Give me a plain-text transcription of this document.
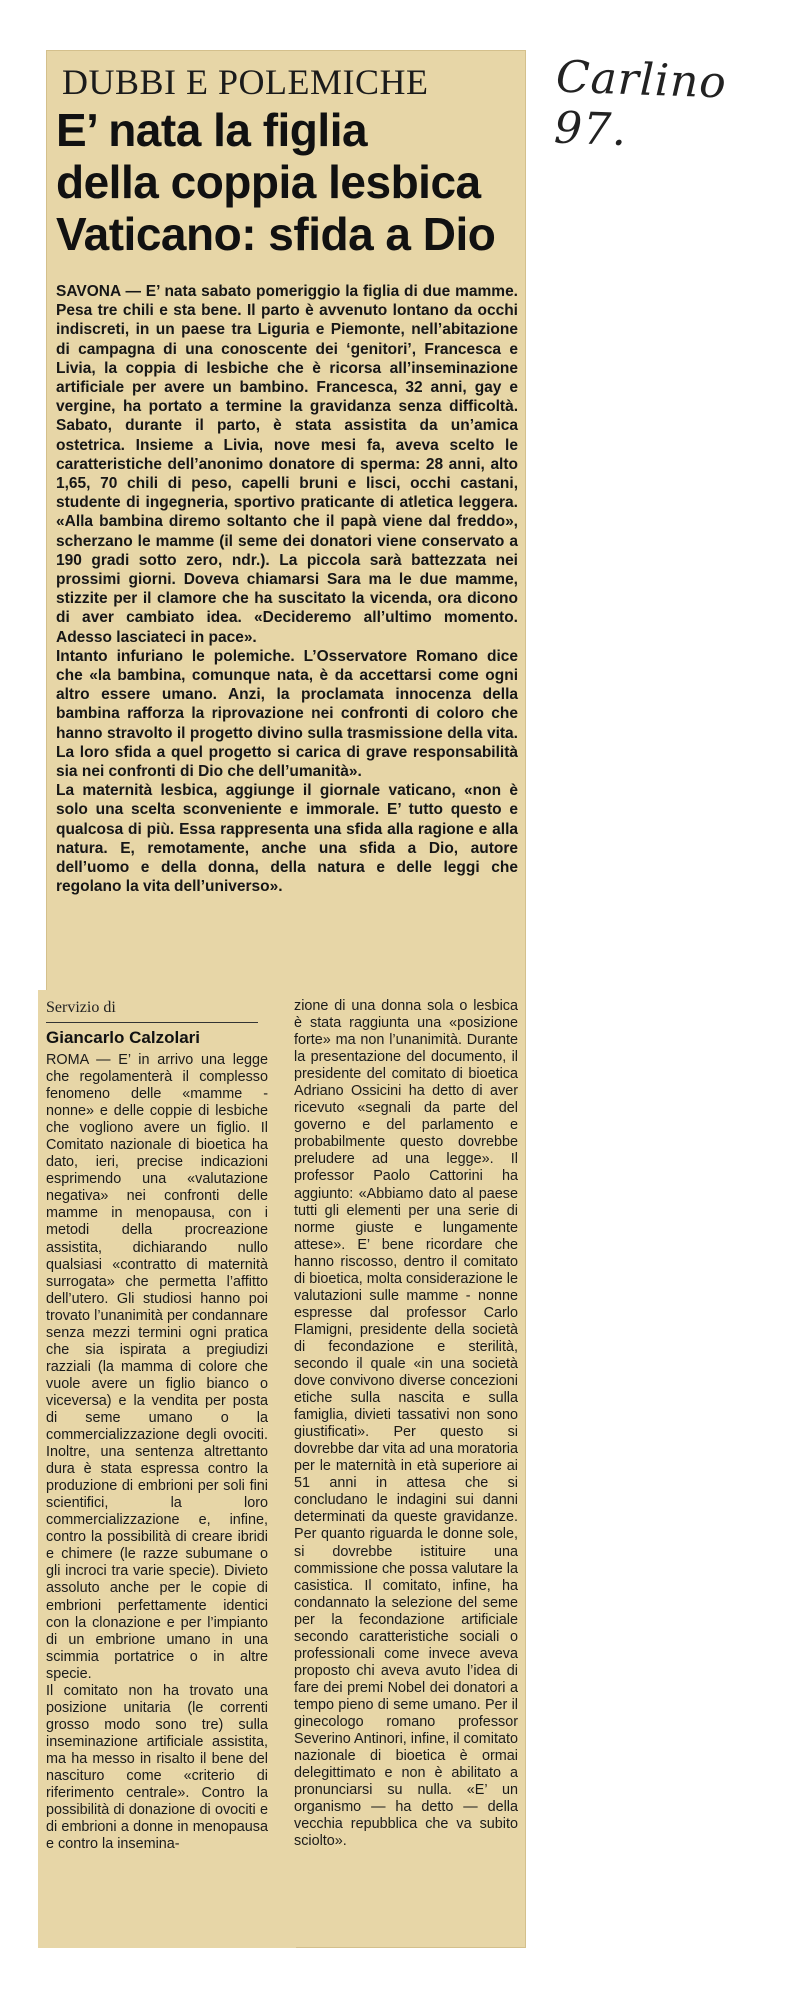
Carlino 97.
DUBBI E POLEMICHE
E’ nata la figlia
della coppia lesbica
Vaticano: sfida a Dio

SAVONA — E’ nata sabato pomeriggio la figlia di due mamme. Pesa tre chili e sta bene. Il parto è avvenuto lontano da occhi indiscreti, in un paese tra Liguria e Piemonte, nell’abitazione di campagna di una conoscente dei ‘genitori’, Francesca e Livia, la coppia di lesbiche che è ricorsa all’inseminazione artificiale per avere un bambino. Francesca, 32 anni, gay e vergine, ha portato a termine la gravidanza senza difficoltà. Sabato, durante il parto, è stata assistita da un’amica ostetrica. Insieme a Livia, nove mesi fa, aveva scelto le caratteristiche dell’anonimo donatore di sperma: 28 anni, alto 1,65, 70 chili di peso, capelli bruni e lisci, occhi castani, studente di ingegneria, sportivo praticante di atletica leggera. «Alla bambina diremo soltanto che il papà viene dal freddo», scherzano le mamme (il seme dei donatori viene conservato a 190 gradi sotto zero, ndr.). La piccola sarà battezzata nei prossimi giorni. Doveva chiamarsi Sara ma le due mamme, stizzite per il clamore che ha suscitato la vicenda, ora dicono di aver cambiato idea. «Decideremo all’ultimo momento. Adesso lasciateci in pace».

Intanto infuriano le polemiche. L’Osservatore Romano dice che «la bambina, comunque nata, è da accettarsi come ogni altro essere umano. Anzi, la proclamata innocenza della bambina rafforza la riprovazione nei confronti di coloro che hanno stravolto il progetto divino sulla trasmissione della vita. La loro sfida a quel progetto si carica di grave responsabilità sia nei confronti di Dio che dell’umanità».

La maternità lesbica, aggiunge il giornale vaticano, «non è solo una scelta sconveniente e immorale. E’ tutto questo e qualcosa di più. Essa rappresenta una sfida alla ragione e alla natura. E, remotamente, anche una sfida a Dio, autore dell’uomo e della donna, della natura e delle leggi che regolano la vita dell’universo».

Servizio di
Giancarlo Calzolari

ROMA — E’ in arrivo una legge che regolamenterà il complesso fenomeno delle «mamme - nonne» e delle coppie di lesbiche che vogliono avere un figlio. Il Comitato nazionale di bioetica ha dato, ieri, precise indicazioni esprimendo una «valutazione negativa» nei confronti delle mamme in menopausa, con i metodi della procreazione assistita, dichiarando nullo qualsiasi «contratto di maternità surrogata» che permetta l’affitto dell’utero. Gli studiosi hanno poi trovato l’unanimità per condannare senza mezzi termini ogni pratica che sia ispirata a pregiudizi razziali (la mamma di colore che vuole avere un figlio bianco o viceversa) e la vendita per posta di seme umano o la commercializzazione degli ovociti. Inoltre, una sentenza altrettanto dura è stata espressa contro la produzione di embrioni per soli fini scientifici, la loro commercializzazione e, infine, contro la possibilità di creare ibridi e chimere (le razze subumane o gli incroci tra varie specie). Divieto assoluto anche per le copie di embrioni perfettamente identici con la clonazione e per l’impianto di un embrione umano in una scimmia portatrice o in altre specie.

Il comitato non ha trovato una posizione unitaria (le correnti grosso modo sono tre) sulla inseminazione artificiale assistita, ma ha messo in risalto il bene del nascituro come «criterio di riferimento centrale». Contro la possibilità di donazione di ovociti e di embrioni a donne in menopausa e contro la insemina-

zione di una donna sola o lesbica è stata raggiunta una «posizione forte» ma non l’unanimità. Durante la presentazione del documento, il presidente del comitato di bioetica Adriano Ossicini ha detto di aver ricevuto «segnali da parte del governo e del parlamento e probabilmente questo dovrebbe preludere ad una legge». Il professor Paolo Cattorini ha aggiunto: «Abbiamo dato al paese tutti gli elementi per una serie di norme giuste e lungamente attese». E’ bene ricordare che hanno riscosso, dentro il comitato di bioetica, molta considerazione le valutazioni sulle mamme - nonne espresse dal professor Carlo Flamigni, presidente della società di fecondazione e sterilità, secondo il quale «in una società dove convivono diverse concezioni etiche sulla nascita e sulla famiglia, divieti tassativi non sono giustificati». Per questo si dovrebbe dar vita ad una moratoria per le maternità in età superiore ai 51 anni in attesa che si concludano le indagini sui danni determinati da queste gravidanze. Per quanto riguarda le donne sole, si dovrebbe istituire una commissione che possa valutare la casistica. Il comitato, infine, ha condannato la selezione del seme per la fecondazione artificiale secondo caratteristiche sociali o professionali come invece aveva proposto chi aveva avuto l’idea di fare dei premi Nobel dei donatori a tempo pieno di seme umano. Per il ginecologo romano professor Severino Antinori, infine, il comitato nazionale di bioetica è ormai delegittimato e non è abilitato a pronunciarsi su nulla. «E’ un organismo — ha detto — della vecchia repubblica che va subito sciolto».
